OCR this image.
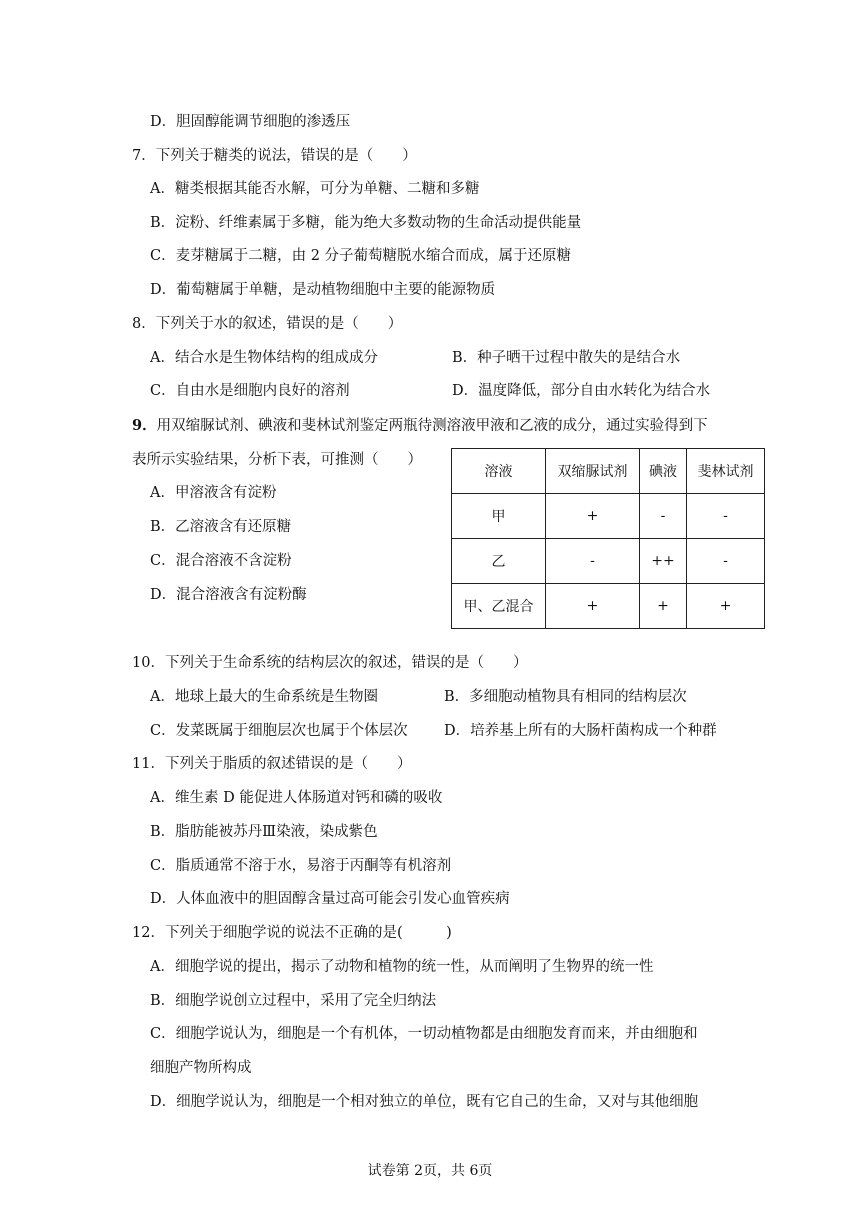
D．胆固醇能调节细胞的渗透压
7．下列关于糖类的说法，错误的是（　　）
A．糖类根据其能否水解，可分为单糖、二糖和多糖
B．淀粉、纤维素属于多糖，能为绝大多数动物的生命活动提供能量
C．麦芽糖属于二糖，由 2 分子葡萄糖脱水缩合而成，属于还原糖
D．葡萄糖属于单糖，是动植物细胞中主要的能源物质
8．下列关于水的叙述，错误的是（　　）
A．结合水是生物体结构的组成成分	B．种子晒干过程中散失的是结合水
C．自由水是细胞内良好的溶剂	D．温度降低，部分自由水转化为结合水
9．用双缩脲试剂、碘液和斐林试剂鉴定两瓶待测溶液甲液和乙液的成分，通过实验得到下
表所示实验结果，分析下表，可推测（　　）
A．甲溶液含有淀粉
B．乙溶液含有还原糖
C．混合溶液不含淀粉
D．混合溶液含有淀粉酶
溶液	双缩脲试剂	碘液	斐林试剂
甲	+	-	-
乙	-	++	-
甲、乙混合	+	+	+
10．下列关于生命系统的结构层次的叙述，错误的是（　　）
A．地球上最大的生命系统是生物圈	B．多细胞动植物具有相同的结构层次
C．发菜既属于细胞层次也属于个体层次	D．培养基上所有的大肠杆菌构成一个种群
11．下列关于脂质的叙述错误的是（　　）
A．维生素 D 能促进人体肠道对钙和磷的吸收
B．脂肪能被苏丹Ⅲ染液，染成紫色
C．脂质通常不溶于水，易溶于丙酮等有机溶剂
D．人体血液中的胆固醇含量过高可能会引发心血管疾病
12．下列关于细胞学说的说法不正确的是(　　　)
A．细胞学说的提出，揭示了动物和植物的统一性，从而阐明了生物界的统一性
B．细胞学说创立过程中，采用了完全归纳法
C．细胞学说认为，细胞是一个有机体，一切动植物都是由细胞发育而来，并由细胞和
细胞产物所构成
D．细胞学说认为，细胞是一个相对独立的单位，既有它自己的生命，又对与其他细胞
试卷第 2页，共 6页
